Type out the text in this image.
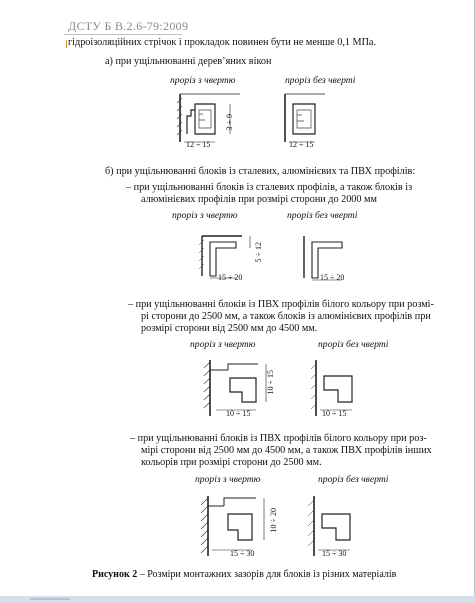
ДСТУ Б В.2.6-79:2009
гідроізоляційних стрічок і прокладок повинен бути не менше 0,1 МПа.
а) при ущільнюванні дерев’яних вікон
проріз з чвертю	проріз без чверті
12 ÷ 15
3 ÷ 9
12 ÷ 15
б) при ущільнюванні блоків із сталевих, алюмінієвих та ПВХ профілів:
– при ущільнюванні блоків із сталевих профілів, а також блоків із
алюмінієвих профілів при розмірі сторони до 2000 мм
проріз з чвертю	проріз без чверті
15 ÷ 20
5 ÷ 12
15 ÷ 20
– при ущільнюванні блоків із ПВХ профілів білого кольору при розмі-
рі сторони до 2500 мм, а також блоків із алюмінієвих профілів при
розмірі сторони від 2500 мм до 4500 мм.
проріз з чвертю	проріз без чверті
10 ÷ 15
10 ÷ 15
10 ÷ 15
– при ущільнюванні блоків із ПВХ профілів білого кольору при роз-
мірі сторони від 2500 мм до 4500 мм, а також ПВХ профілів інших
кольорів при розмірі сторони до 2500 мм.
проріз з чвертю	проріз без чверті
15 ÷ 30
10 ÷ 20
15 ÷ 30
Рисунок 2 – Розміри монтажних зазорів для блоків із різних матеріалів
